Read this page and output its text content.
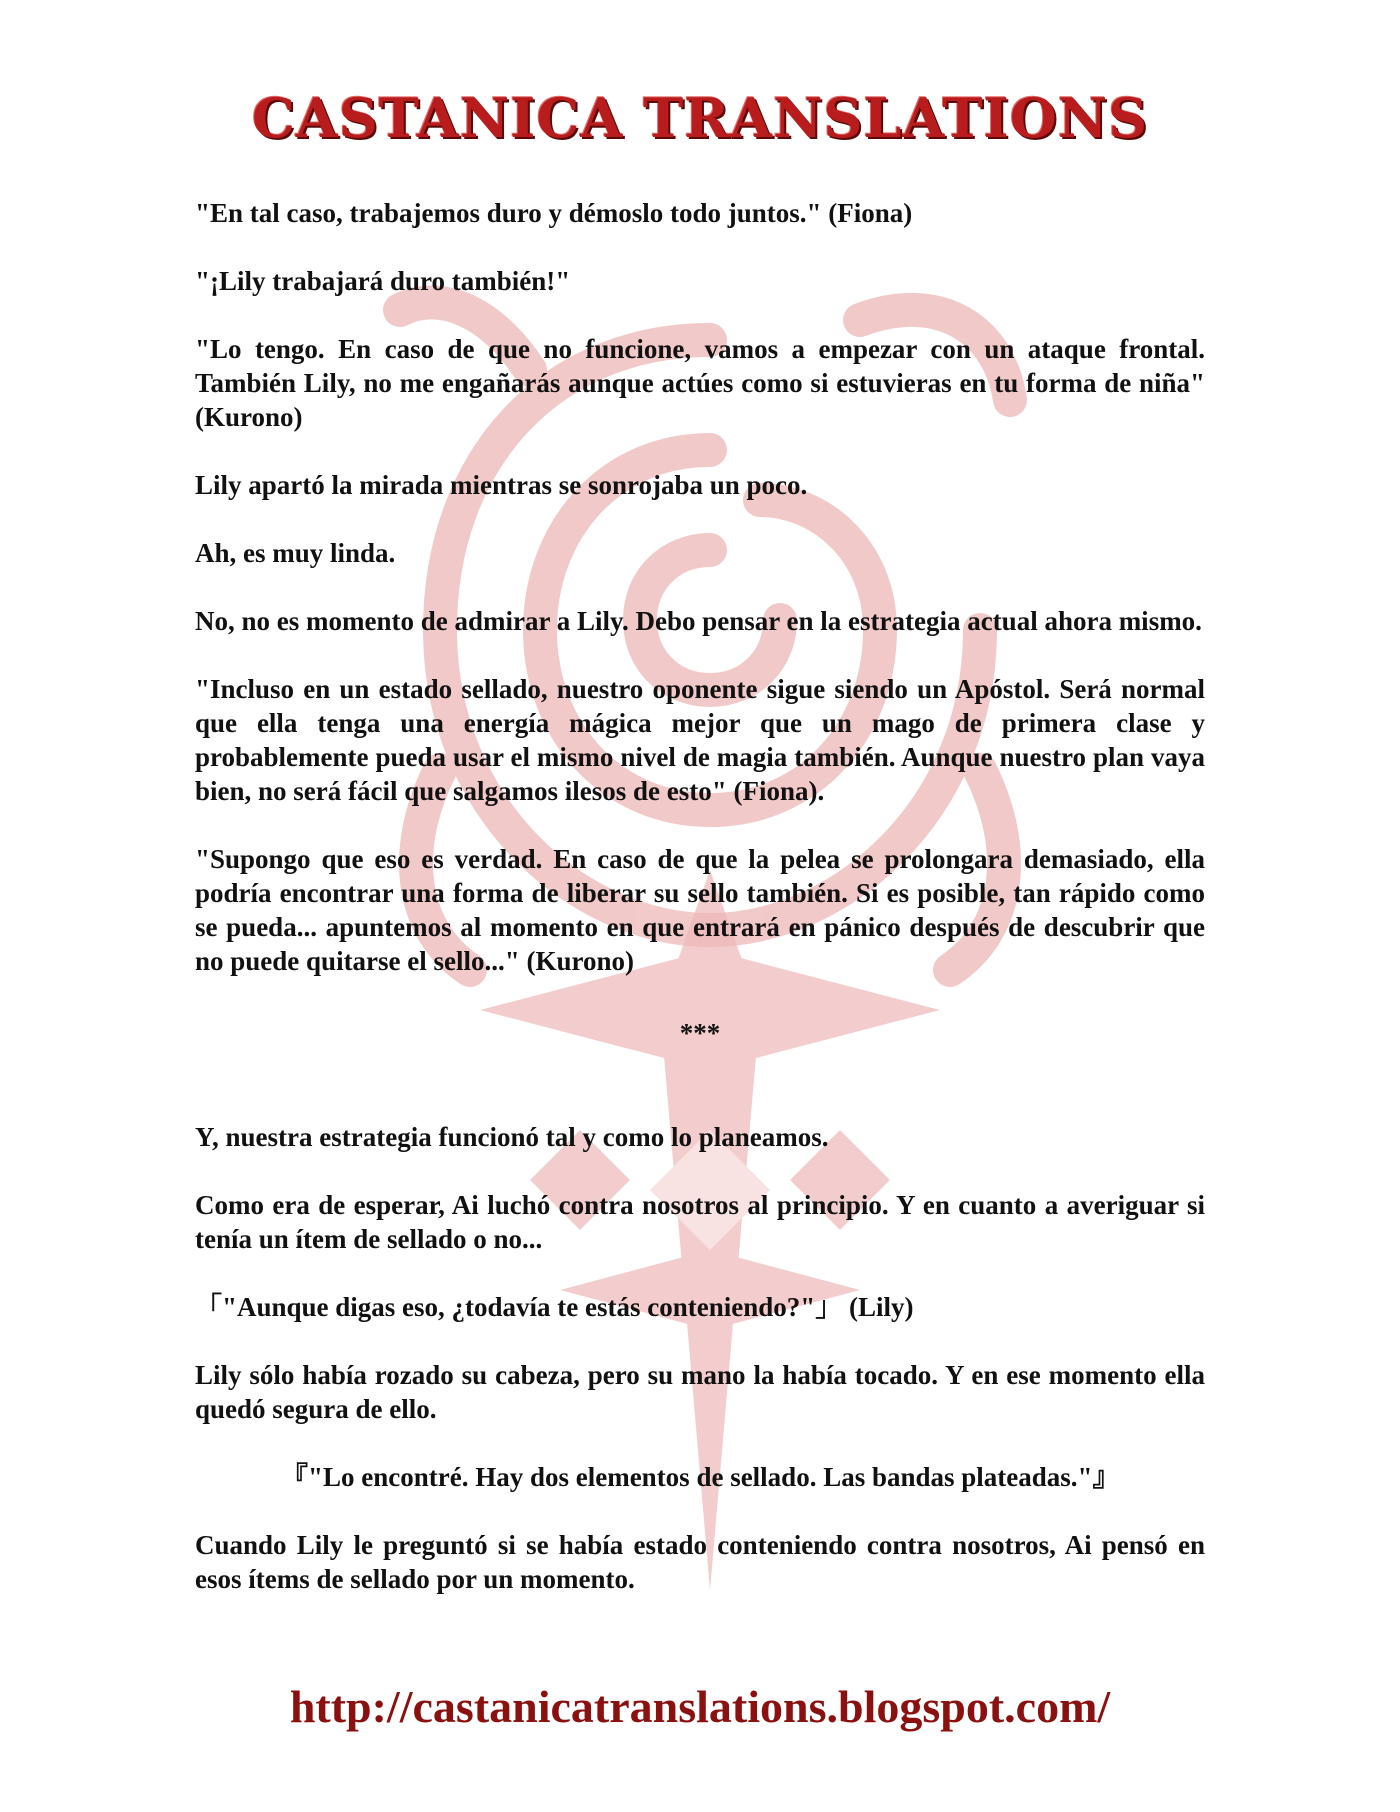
CASTANICA TRANSLATIONS

"En tal caso, trabajemos duro y démoslo todo juntos." (Fiona)

"¡Lily trabajará duro también!"

"Lo tengo. En caso de que no funcione, vamos a empezar con un ataque frontal. También Lily, no me engañarás aunque actúes como si estuvieras en tu forma de niña" (Kurono)

Lily apartó la mirada mientras se sonrojaba un poco.

Ah, es muy linda.

No, no es momento de admirar a Lily. Debo pensar en la estrategia actual ahora mismo.

"Incluso en un estado sellado, nuestro oponente sigue siendo un Apóstol. Será normal que ella tenga una energía mágica mejor que un mago de primera clase y probablemente pueda usar el mismo nivel de magia también. Aunque nuestro plan vaya bien, no será fácil que salgamos ilesos de esto" (Fiona).

"Supongo que eso es verdad. En caso de que la pelea se prolongara demasiado, ella podría encontrar una forma de liberar su sello también. Si es posible, tan rápido como se pueda... apuntemos al momento en que entrará en pánico después de descubrir que no puede quitarse el sello..." (Kurono)

***

Y, nuestra estrategia funcionó tal y como lo planeamos.

Como era de esperar, Ai luchó contra nosotros al principio. Y en cuanto a averiguar si tenía un ítem de sellado o no...

「"Aunque digas eso, ¿todavía te estás conteniendo?"」 (Lily)

Lily sólo había rozado su cabeza, pero su mano la había tocado. Y en ese momento ella quedó segura de ello.

『"Lo encontré. Hay dos elementos de sellado. Las bandas plateadas."』

Cuando Lily le preguntó si se había estado conteniendo contra nosotros, Ai pensó en esos ítems de sellado por un momento.

http://castanicatranslations.blogspot.com/
